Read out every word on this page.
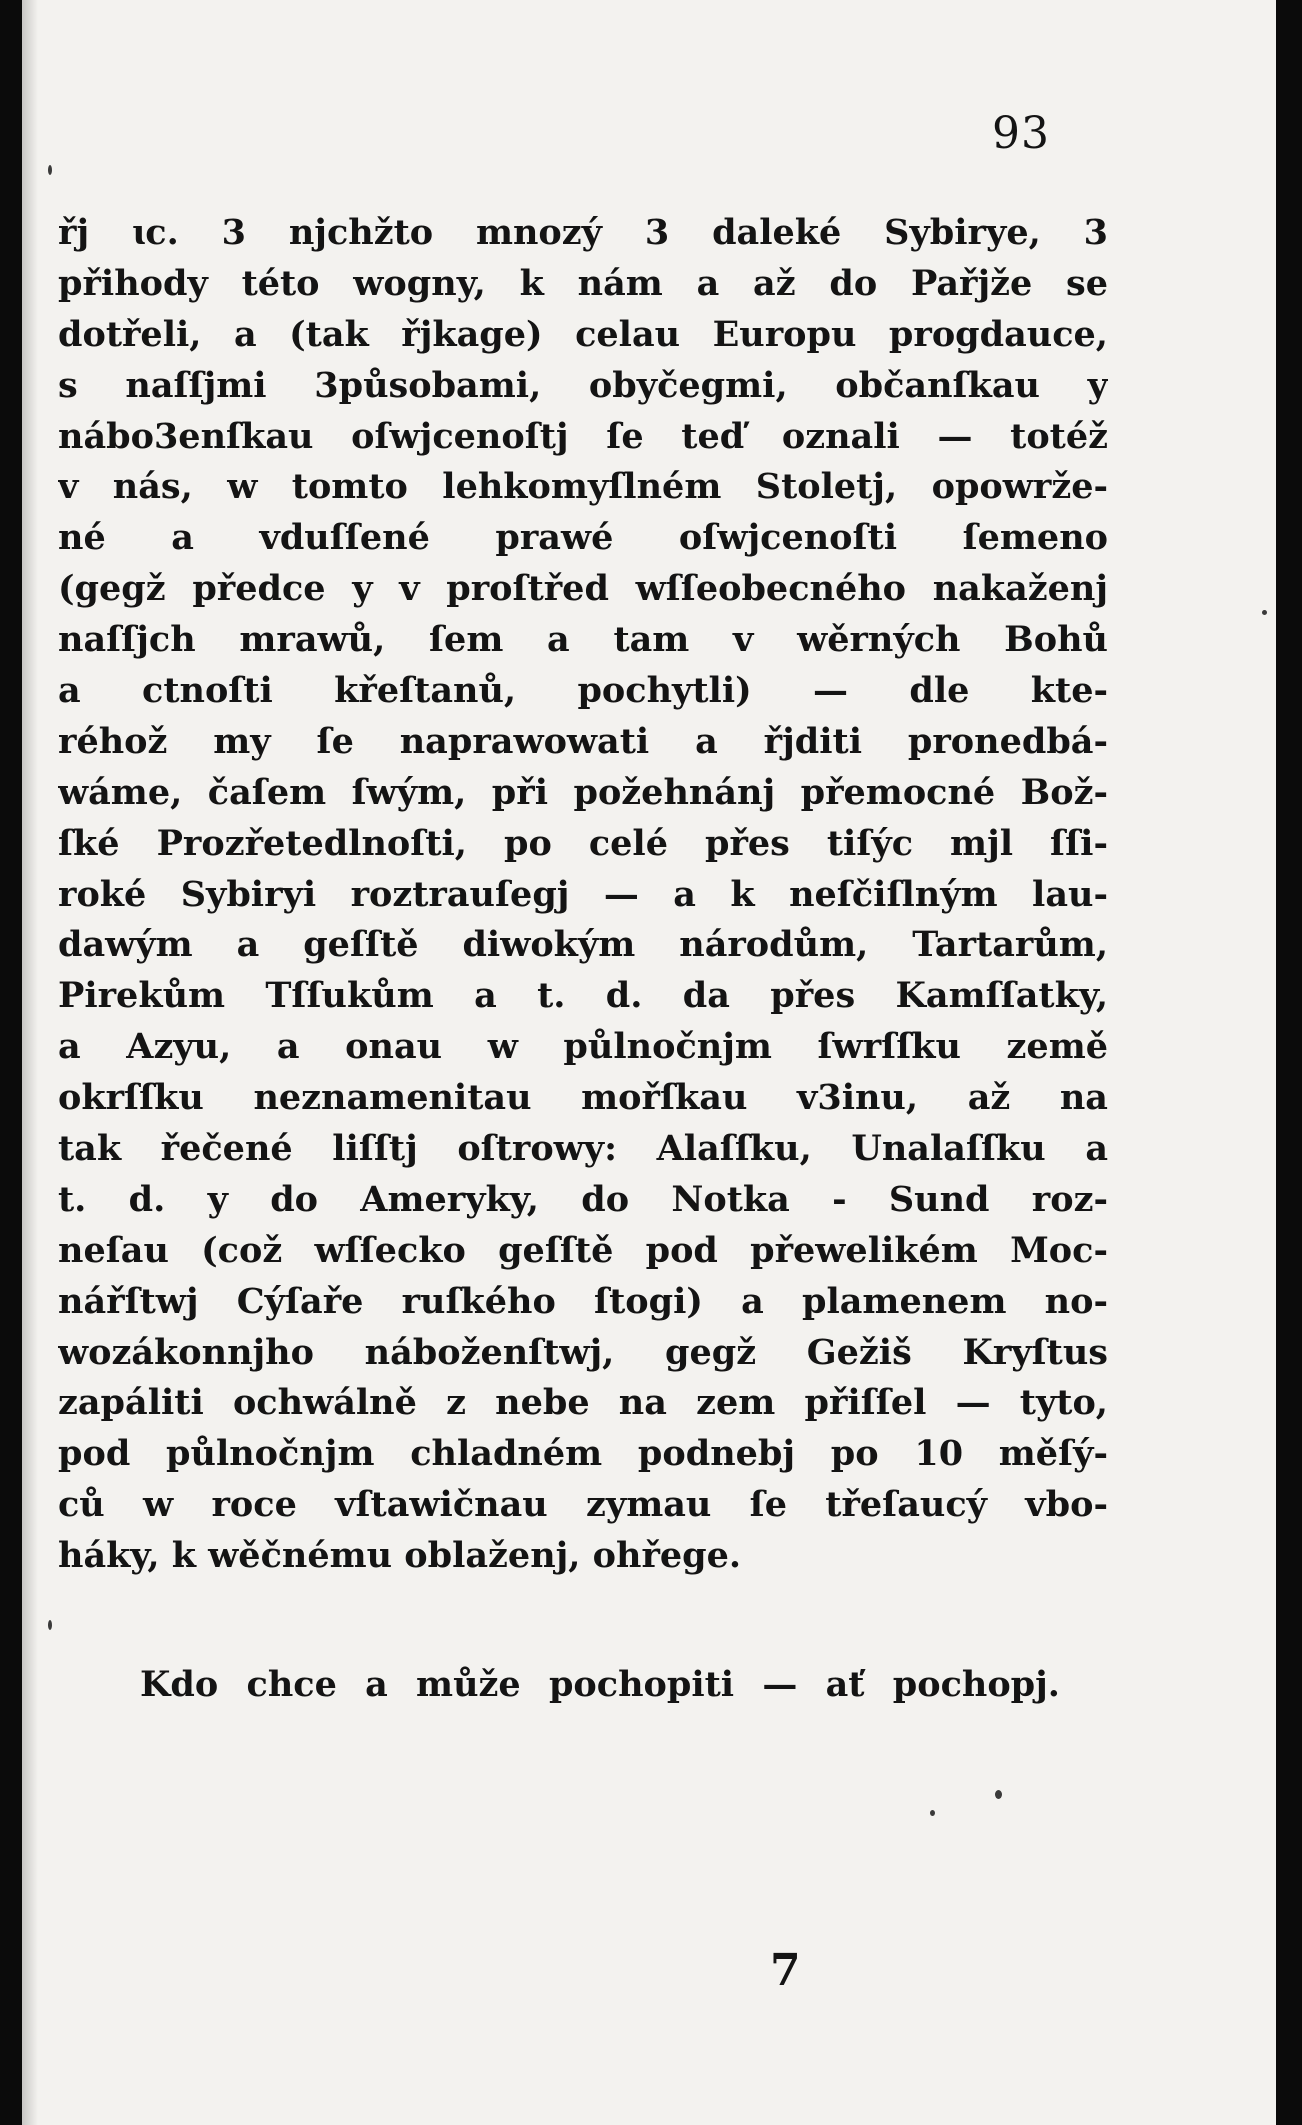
93
řj ɩc. 3 njchžto mnozý 3 daleké Sybirye, 3
přihody této wogny, k nám a až do Pařjže se
dotřeli, a (tak řjkage) celau Europu progdauce,
s naſſjmi 3působami, obyčegmi, občanſkau y
nábo3enſkau oſwjcenoſtj ſe teď oznali — totéž
v nás, w tomto lehkomyſlném Stoletj, opowrže-
né a vduſſené prawé oſwjcenoſti ſemeno
(gegž předce y v proſtřed wſſeobecného nakaženj
naſſjch mrawů, ſem a tam v wěrných Bohů
a ctnoſti křeſtanů, pochytli) — dle kte-
réhož my ſe naprawowati a řjditi pronedbá-
wáme, čaſem ſwým, při požehnánj přemocné Bož-
ſké Prozřetedlnoſti, po celé přes tiſýc mjl ſſi-
roké Sybiryi roztrauſegj — a k neſčiſlným lau-
dawým a geſſtě diwokým národům, Tartarům,
Pirekům Tſſukům a t. d. da přes Kamſſatky,
a Azyu, a onau w půlnočnjm ſwrſſku země
okrſſku neznamenitau mořſkau v3inu, až na
tak řečené liſſtj oſtrowy: Alaſſku, Unalaſſku a
t. d. y do Ameryky, do Notka - Sund roz-
neſau (což wſſecko geſſtě pod přewelikém Moc-
nářſtwj Cýſaře ruſkého ſtogi) a plamenem no-
wozákonnjho náboženſtwj, gegž Gežiš Kryſtus
zapáliti ochwálně z nebe na zem přiſſel — tyto,
pod půlnočnjm chladném podnebj po 10 měſý-
ců w roce vſtawičnau zymau ſe třeſaucý vbo-
háky, k wěčnému oblaženj, ohřege.
Kdo chce a může pochopiti — ať pochopj.
7
